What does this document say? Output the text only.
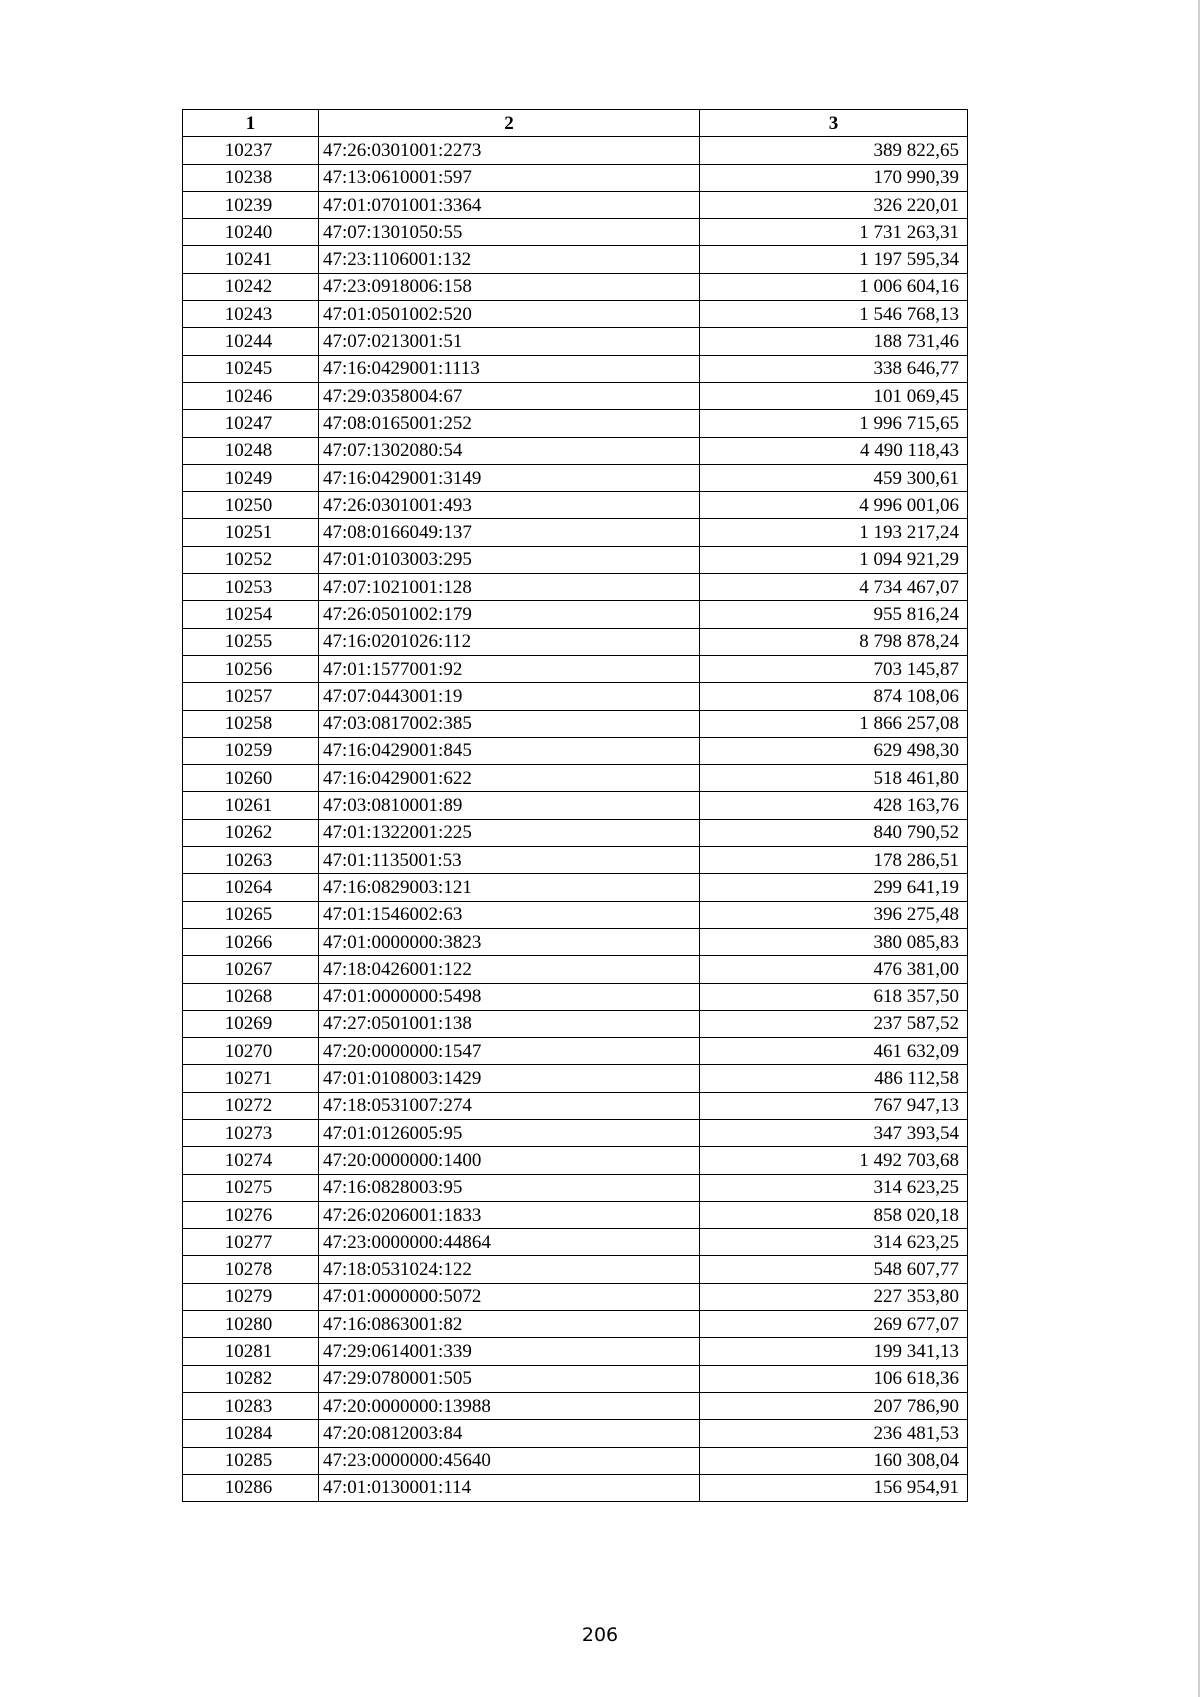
1	2	3
10237	47:26:0301001:2273	389 822,65
10238	47:13:0610001:597	170 990,39
10239	47:01:0701001:3364	326 220,01
10240	47:07:1301050:55	1 731 263,31
10241	47:23:1106001:132	1 197 595,34
10242	47:23:0918006:158	1 006 604,16
10243	47:01:0501002:520	1 546 768,13
10244	47:07:0213001:51	188 731,46
10245	47:16:0429001:1113	338 646,77
10246	47:29:0358004:67	101 069,45
10247	47:08:0165001:252	1 996 715,65
10248	47:07:1302080:54	4 490 118,43
10249	47:16:0429001:3149	459 300,61
10250	47:26:0301001:493	4 996 001,06
10251	47:08:0166049:137	1 193 217,24
10252	47:01:0103003:295	1 094 921,29
10253	47:07:1021001:128	4 734 467,07
10254	47:26:0501002:179	955 816,24
10255	47:16:0201026:112	8 798 878,24
10256	47:01:1577001:92	703 145,87
10257	47:07:0443001:19	874 108,06
10258	47:03:0817002:385	1 866 257,08
10259	47:16:0429001:845	629 498,30
10260	47:16:0429001:622	518 461,80
10261	47:03:0810001:89	428 163,76
10262	47:01:1322001:225	840 790,52
10263	47:01:1135001:53	178 286,51
10264	47:16:0829003:121	299 641,19
10265	47:01:1546002:63	396 275,48
10266	47:01:0000000:3823	380 085,83
10267	47:18:0426001:122	476 381,00
10268	47:01:0000000:5498	618 357,50
10269	47:27:0501001:138	237 587,52
10270	47:20:0000000:1547	461 632,09
10271	47:01:0108003:1429	486 112,58
10272	47:18:0531007:274	767 947,13
10273	47:01:0126005:95	347 393,54
10274	47:20:0000000:1400	1 492 703,68
10275	47:16:0828003:95	314 623,25
10276	47:26:0206001:1833	858 020,18
10277	47:23:0000000:44864	314 623,25
10278	47:18:0531024:122	548 607,77
10279	47:01:0000000:5072	227 353,80
10280	47:16:0863001:82	269 677,07
10281	47:29:0614001:339	199 341,13
10282	47:29:0780001:505	106 618,36
10283	47:20:0000000:13988	207 786,90
10284	47:20:0812003:84	236 481,53
10285	47:23:0000000:45640	160 308,04
10286	47:01:0130001:114	156 954,91
206
